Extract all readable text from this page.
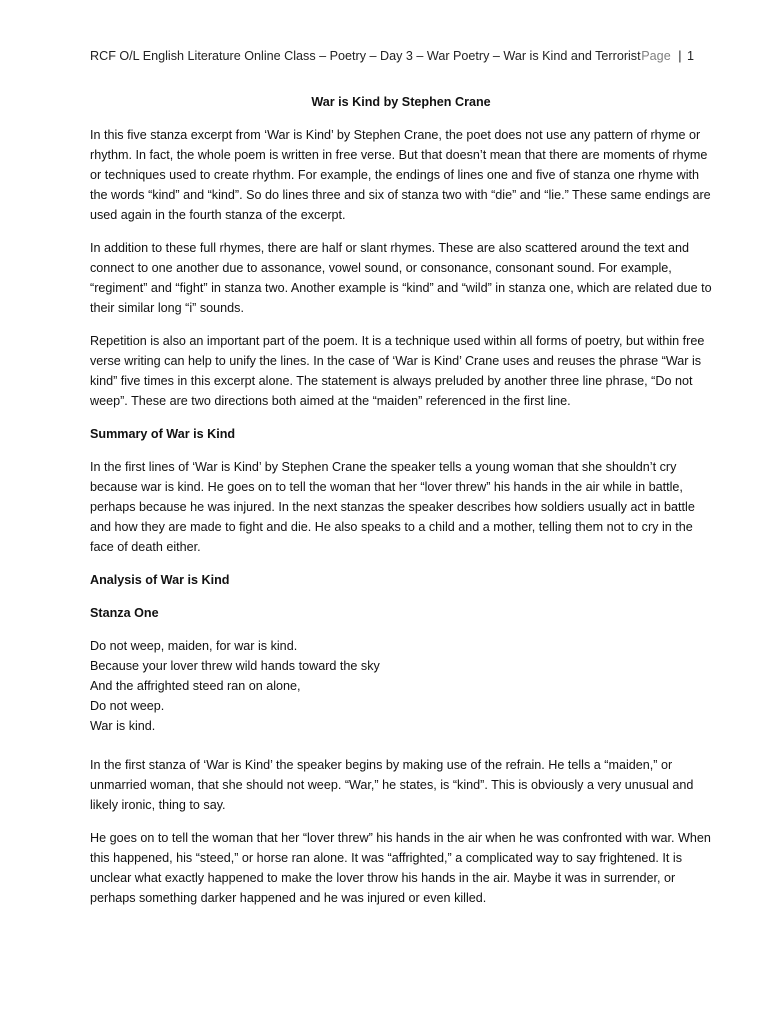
RCF O/L English Literature Online Class – Poetry – Day 3 – War Poetry – War is Kind and Terrorist Page | 1
War is Kind by Stephen Crane

In this five stanza excerpt from ‘War is Kind’ by Stephen Crane, the poet does not use any pattern of rhyme or rhythm. In fact, the whole poem is written in free verse. But that doesn’t mean that there are moments of rhyme or techniques used to create rhythm. For example, the endings of lines one and five of stanza one rhyme with the words “kind” and “kind”. So do lines three and six of stanza two with “die” and “lie.” These same endings are used again in the fourth stanza of the excerpt.

In addition to these full rhymes, there are half or slant rhymes. These are also scattered around the text and connect to one another due to assonance, vowel sound, or consonance, consonant sound. For example, “regiment” and “fight” in stanza two. Another example is “kind” and “wild” in stanza one, which are related due to their similar long “i” sounds.

Repetition is also an important part of the poem. It is a technique used within all forms of poetry, but within free verse writing can help to unify the lines. In the case of ‘War is Kind’ Crane uses and reuses the phrase “War is kind” five times in this excerpt alone. The statement is always preluded by another three line phrase, “Do not weep”. These are two directions both aimed at the “maiden” referenced in the first line.

Summary of War is Kind

In the first lines of ‘War is Kind’ by Stephen Crane the speaker tells a young woman that she shouldn’t cry because war is kind. He goes on to tell the woman that her “lover threw” his hands in the air while in battle, perhaps because he was injured. In the next stanzas the speaker describes how soldiers usually act in battle and how they are made to fight and die. He also speaks to a child and a mother, telling them not to cry in the face of death either.

Analysis of War is Kind
Stanza One
Do not weep, maiden, for war is kind.
Because your lover threw wild hands toward the sky
And the affrighted steed ran on alone,
Do not weep.
War is kind.

In the first stanza of ‘War is Kind’ the speaker begins by making use of the refrain. He tells a “maiden,” or unmarried woman, that she should not weep. “War,” he states, is “kind”. This is obviously a very unusual and likely ironic, thing to say.

He goes on to tell the woman that her “lover threw” his hands in the air when he was confronted with war. When this happened, his “steed,” or horse ran alone. It was “affrighted,” a complicated way to say frightened. It is unclear what exactly happened to make the lover throw his hands in the air. Maybe it was in surrender, or perhaps something darker happened and he was injured or even killed.
